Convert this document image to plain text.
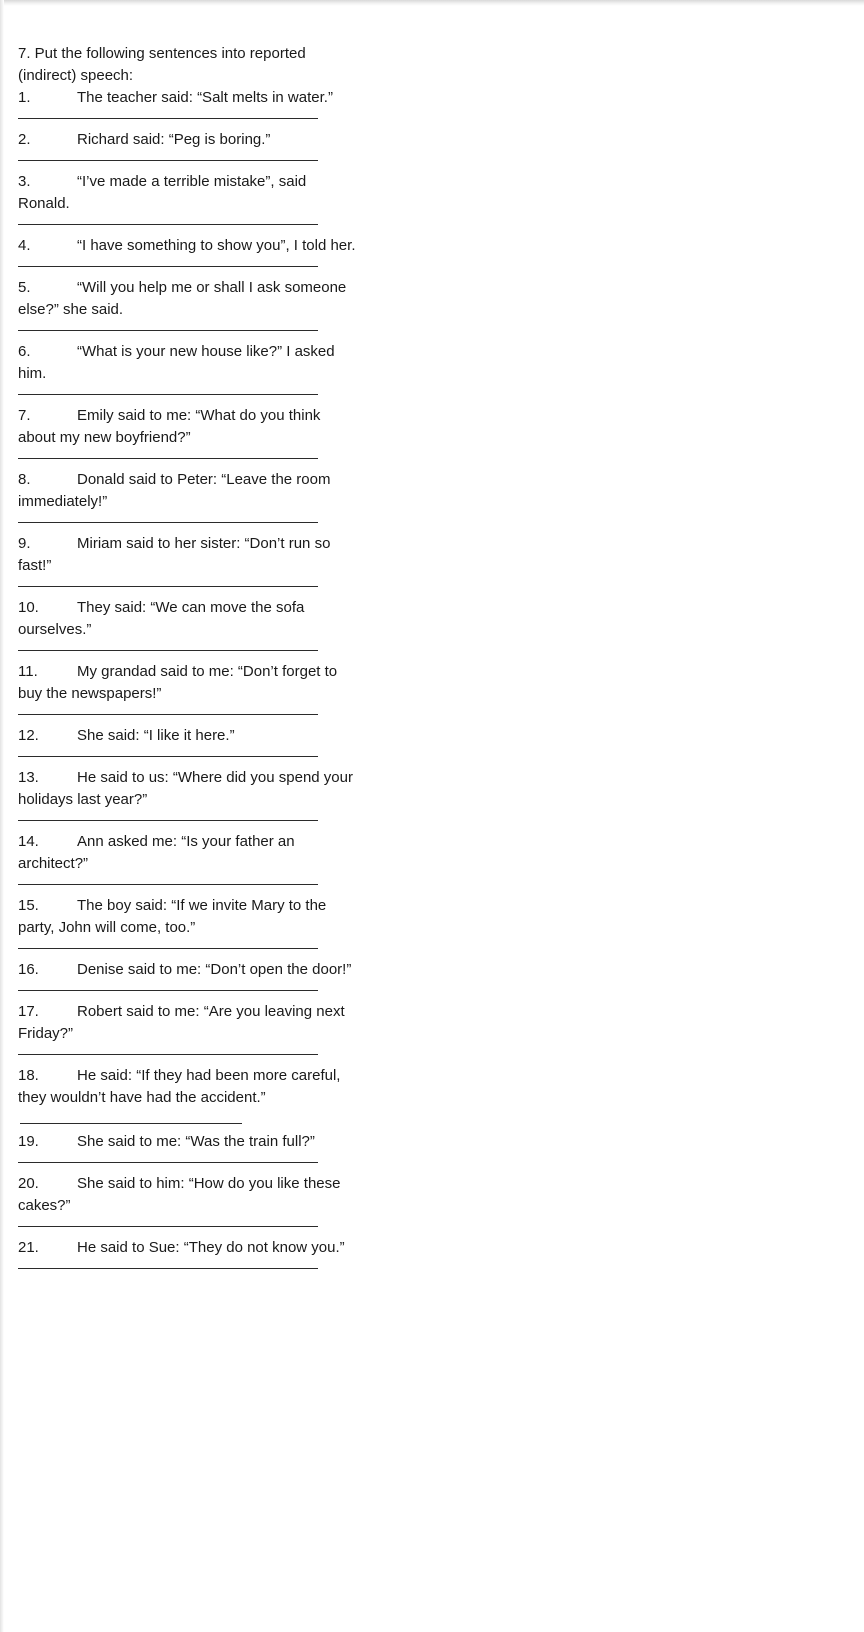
7. Put the following sentences into reported (indirect) speech:

1.	The teacher said: “Salt melts in water.”
2.	Richard said: “Peg is boring.”
3.	“I’ve made a terrible mistake”, said Ronald.
4.	“I have something to show you”, I told her.
5.	“Will you help me or shall I ask someone else?” she said.
6.	“What is your new house like?” I asked him.
7.	Emily said to me: “What do you think about my new boyfriend?”
8.	Donald said to Peter: “Leave the room immediately!”
9.	Miriam said to her sister: “Don’t run so fast!”
10.	They said: “We can move the sofa ourselves.”
11.	My grandad said to me: “Don’t forget to buy the newspapers!”
12.	She said: “I like it here.”
13.	He said to us: “Where did you spend your holidays last year?”
14.	Ann asked me: “Is your father an architect?”
15.	The boy said: “If we invite Mary to the party, John will come, too.”
16.	Denise said to me: “Don’t open the door!”
17.	Robert said to me: “Are you leaving next Friday?”
18.	He said: “If they had been more careful, they wouldn’t have had the accident.”
19.	She said to me: “Was the train full?”
20.	She said to him: “How do you like these cakes?”
21.	He said to Sue: “They do not know you.”
